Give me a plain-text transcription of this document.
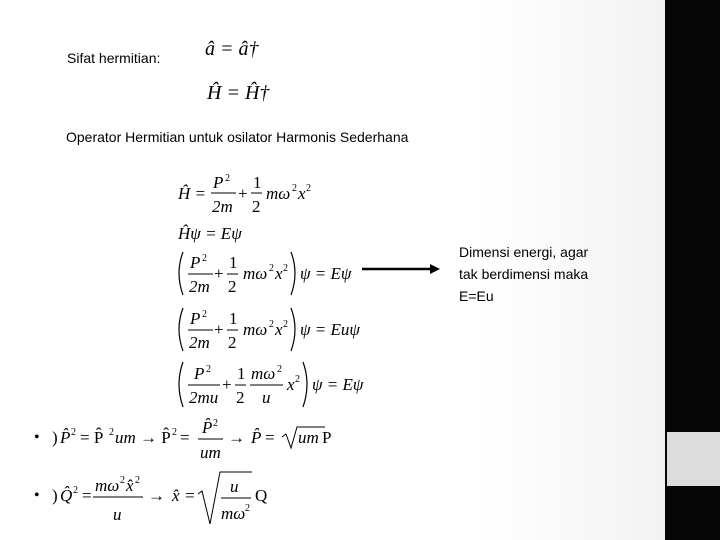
Sifat hermitian: â = â†
Ĥ = Ĥ†
Operator Hermitian untuk osilator Harmonis Sederhana
Dimensi energi, agar
tak berdimensi maka
E=Eu
Ĥ =
P 2
2m
+
1
2
mω 2 x 2
Ĥψ = Eψ
P 2
2m
+
1
2
mω 2 x 2 ψ = Eψ
P 2
2m
+
1
2
mω 2 x 2 ψ = Euψ
P 2
2mu
+
1
2
mω 2
u
x 2 ψ = Eψ
) P̂ 2 = P̂ 2 um → P̂ 2 =
P̂ 2
um
→ P̂ = um P
) Q̂ 2 =
mω 2 x̂ 2
u
→ x̂ = u
mω 2
Q
•
•
